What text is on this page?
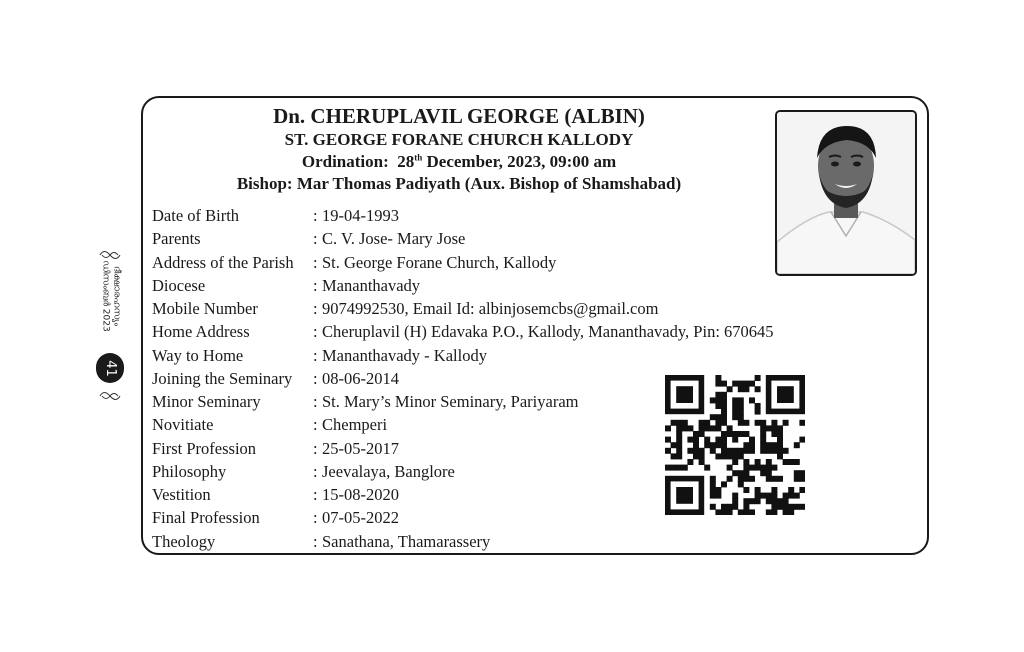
Dn. CHERUPLAVIL GEORGE (ALBIN)
ST. GEORGE FORANE CHURCH KALLODY
Ordination: 28th December, 2023, 09:00 am
Bishop: Mar Thomas Padiyath (Aux. Bishop of Shamshabad)
Date of Birth	:	19-04-1993
Parents	:	C. V. Jose- Mary Jose
Address of the Parish	:	St. George Forane Church, Kallody
Diocese	:	Mananthavady
Mobile Number	:	9074992530, Email Id: albinjosemcbs@gmail.com
Home Address	:	Cheruplavil (H) Edavaka P.O., Kallody, Mananthavady, Pin: 670645
Way to Home	:	Mananthavady - Kallody
Joining the Seminary	:	08-06-2014
Minor Seminary	:	St. Mary’s Minor Seminary, Pariyaram
Novitiate	:	Chemperi
First Profession	:	25-05-2017
Philosophy	:	Jeevalaya, Banglore
Vestition	:	15-08-2020
Final Profession	:	07-05-2022
Theology	:	Sanathana, Thamarassery
ദീക്ഷാരഹസ്യം
ഡിസംബർ 2023
41
